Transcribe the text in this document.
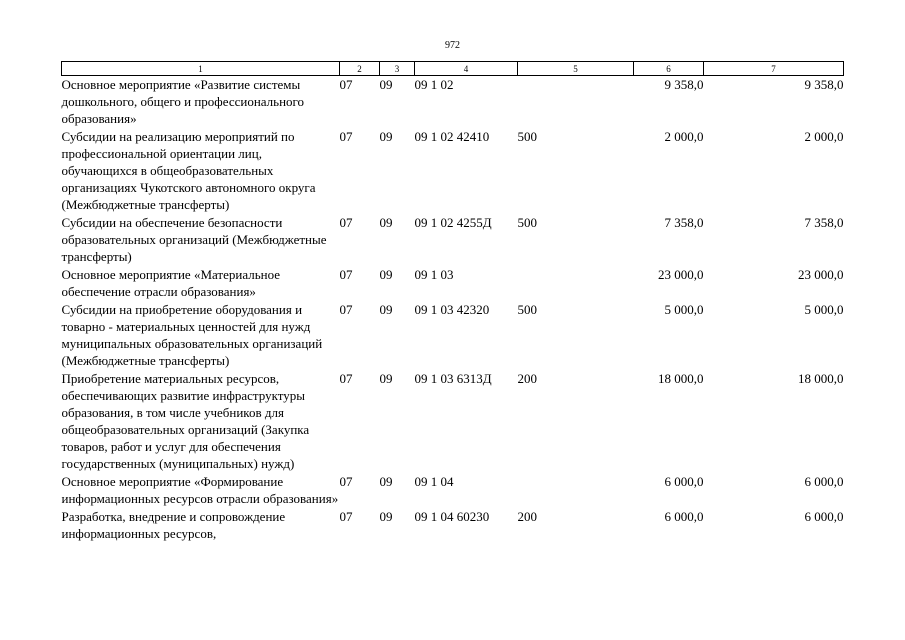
972
1	2	3	4	5	6	7
Основное мероприятие «Развитие системы дошкольного, общего и профессионального образования»	07	09	09 1 02		9 358,0	9 358,0
Субсидии на реализацию мероприятий по профессиональной ориентации лиц, обучающихся в общеобразовательных организациях Чукотского автономного округа (Межбюджетные трансферты)	07	09	09 1 02 42410	500	2 000,0	2 000,0
Субсидии на обеспечение безопасности образовательных организаций (Межбюджетные трансферты)	07	09	09 1 02 4255Д	500	7 358,0	7 358,0
Основное мероприятие «Материальное обеспечение отрасли образования»	07	09	09 1 03		23 000,0	23 000,0
Субсидии на приобретение оборудования и товарно - материальных ценностей для нужд муниципальных образовательных организаций (Межбюджетные трансферты)	07	09	09 1 03 42320	500	5 000,0	5 000,0
Приобретение материальных ресурсов, обеспечивающих развитие инфраструктуры образования, в том числе учебников для общеобразовательных организаций (Закупка товаров, работ и услуг для обеспечения государственных (муниципальных) нужд)	07	09	09 1 03 6313Д	200	18 000,0	18 000,0
Основное мероприятие «Формирование информационных ресурсов отрасли образования»	07	09	09 1 04		6 000,0	6 000,0
Разработка, внедрение и сопровождение информационных ресурсов,	07	09	09 1 04 60230	200	6 000,0	6 000,0
